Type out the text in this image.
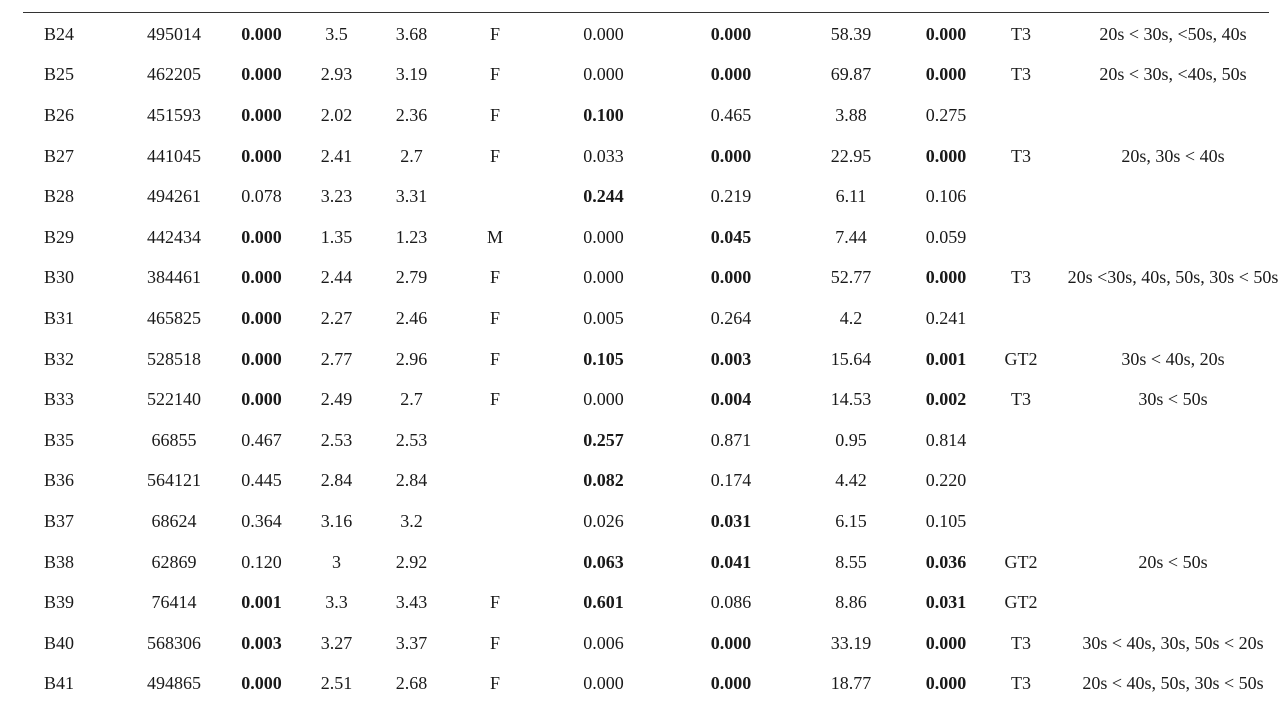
B24	495014	0.000	3.5	3.68	F	0.000	0.000	58.39	0.000	T3	20s < 30s, <50s, 40s
B25	462205	0.000	2.93	3.19	F	0.000	0.000	69.87	0.000	T3	20s < 30s, <40s, 50s
B26	451593	0.000	2.02	2.36	F	0.100	0.465	3.88	0.275		
B27	441045	0.000	2.41	2.7	F	0.033	0.000	22.95	0.000	T3	20s, 30s < 40s
B28	494261	0.078	3.23	3.31		0.244	0.219	6.11	0.106		
B29	442434	0.000	1.35	1.23	M	0.000	0.045	7.44	0.059		
B30	384461	0.000	2.44	2.79	F	0.000	0.000	52.77	0.000	T3	20s <30s, 40s, 50s, 30s < 50s
B31	465825	0.000	2.27	2.46	F	0.005	0.264	4.2	0.241		
B32	528518	0.000	2.77	2.96	F	0.105	0.003	15.64	0.001	GT2	30s < 40s, 20s
B33	522140	0.000	2.49	2.7	F	0.000	0.004	14.53	0.002	T3	30s < 50s
B35	66855	0.467	2.53	2.53		0.257	0.871	0.95	0.814		
B36	564121	0.445	2.84	2.84		0.082	0.174	4.42	0.220		
B37	68624	0.364	3.16	3.2		0.026	0.031	6.15	0.105		
B38	62869	0.120	3	2.92		0.063	0.041	8.55	0.036	GT2	20s < 50s
B39	76414	0.001	3.3	3.43	F	0.601	0.086	8.86	0.031	GT2	
B40	568306	0.003	3.27	3.37	F	0.006	0.000	33.19	0.000	T3	30s < 40s, 30s, 50s < 20s
B41	494865	0.000	2.51	2.68	F	0.000	0.000	18.77	0.000	T3	20s < 40s, 50s, 30s < 50s
